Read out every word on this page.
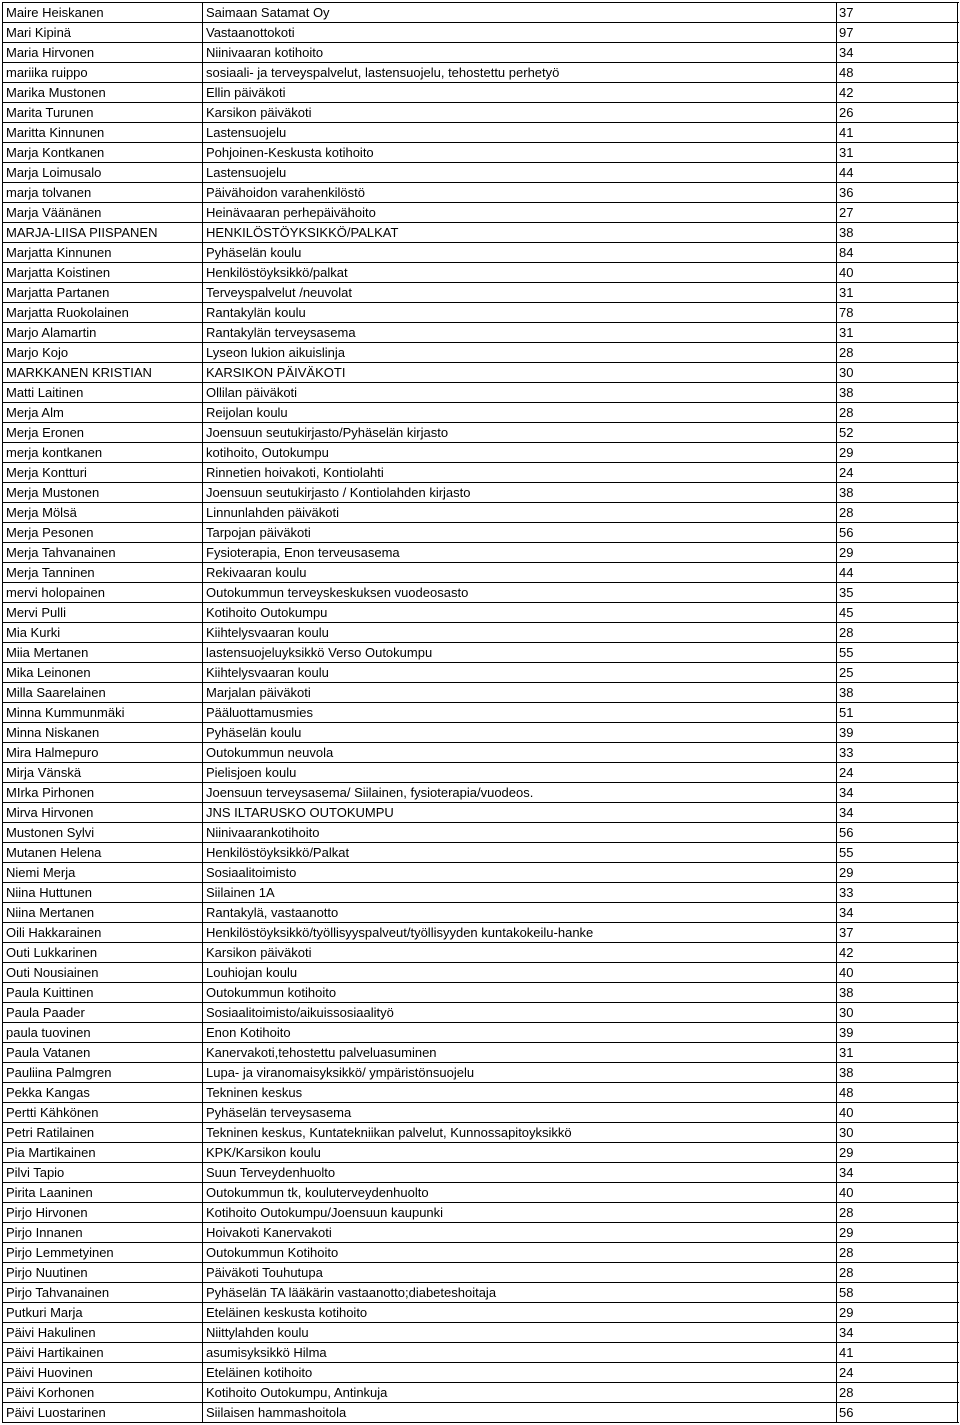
Maire Heiskanen	Saimaan Satamat Oy	37
Mari Kipinä	Vastaanottokoti	97
Maria Hirvonen	Niinivaaran kotihoito	34
mariika ruippo	sosiaali- ja terveyspalvelut, lastensuojelu, tehostettu perhetyö	48
Marika Mustonen	Ellin päiväkoti	42
Marita Turunen	Karsikon päiväkoti	26
Maritta Kinnunen	Lastensuojelu	41
Marja Kontkanen	Pohjoinen-Keskusta kotihoito	31
Marja Loimusalo	Lastensuojelu	44
marja tolvanen	Päivähoidon varahenkilöstö	36
Marja Väänänen	Heinävaaran perhepäivähoito	27
MARJA-LIISA PIISPANEN	HENKILÖSTÖYKSIKKÖ/PALKAT	38
Marjatta Kinnunen	Pyhäselän koulu	84
Marjatta Koistinen	Henkilöstöyksikkö/palkat	40
Marjatta Partanen	Terveyspalvelut /neuvolat	31
Marjatta Ruokolainen	Rantakylän koulu	78
Marjo Alamartin	Rantakylän terveysasema	31
Marjo Kojo	Lyseon lukion aikuislinja	28
MARKKANEN KRISTIAN	KARSIKON PÄIVÄKOTI	30
Matti Laitinen	Ollilan päiväkoti	38
Merja Alm	Reijolan koulu	28
Merja Eronen	Joensuun seutukirjasto/Pyhäselän kirjasto	52
merja kontkanen	kotihoito, Outokumpu	29
Merja Kontturi	Rinnetien hoivakoti, Kontiolahti	24
Merja Mustonen	Joensuun seutukirjasto / Kontiolahden kirjasto	38
Merja Mölsä	Linnunlahden päiväkoti	28
Merja Pesonen	Tarpojan päiväkoti	56
Merja Tahvanainen	Fysioterapia, Enon terveusasema	29
Merja Tanninen	Rekivaaran koulu	44
mervi holopainen	Outokummun terveyskeskuksen vuodeosasto	35
Mervi Pulli	Kotihoito Outokumpu	45
Mia Kurki	Kiihtelysvaaran koulu	28
Miia Mertanen	lastensuojeluyksikkö Verso Outokumpu	55
Mika Leinonen	Kiihtelysvaaran koulu	25
Milla Saarelainen	Marjalan päiväkoti	38
Minna Kummunmäki	Pääluottamusmies	51
Minna Niskanen	Pyhäselän koulu	39
Mira Halmepuro	Outokummun neuvola	33
Mirja Vänskä	Pielisjoen koulu	24
MIrka Pirhonen	Joensuun terveysasema/ Siilainen, fysioterapia/vuodeos.	34
Mirva Hirvonen	JNS ILTARUSKO OUTOKUMPU	34
Mustonen Sylvi	Niinivaarankotihoito	56
Mutanen Helena	Henkilöstöyksikkö/Palkat	55
Niemi Merja	Sosiaalitoimisto	29
Niina Huttunen	Siilainen 1A	33
Niina Mertanen	Rantakylä, vastaanotto	34
Oili Hakkarainen	Henkilöstöyksikkö/työllisyyspalveut/työllisyyden kuntakokeilu-hanke	37
Outi Lukkarinen	Karsikon päiväkoti	42
Outi Nousiainen	Louhiojan koulu	40
Paula Kuittinen	Outokummun kotihoito	38
Paula Paader	Sosiaalitoimisto/aikuissosiaalityö	30
paula tuovinen	Enon Kotihoito	39
Paula Vatanen	Kanervakoti,tehostettu palveluasuminen	31
Pauliina Palmgren	Lupa- ja viranomaisyksikkö/ ympäristönsuojelu	38
Pekka Kangas	Tekninen keskus	48
Pertti Kähkönen	Pyhäselän terveysasema	40
Petri Ratilainen	Tekninen keskus, Kuntatekniikan palvelut, Kunnossapitoyksikkö	30
Pia Martikainen	KPK/Karsikon koulu	29
Pilvi Tapio	Suun Terveydenhuolto	34
Pirita Laaninen	Outokummun tk, kouluterveydenhuolto	40
Pirjo Hirvonen	Kotihoito Outokumpu/Joensuun kaupunki	28
Pirjo Innanen	Hoivakoti Kanervakoti	29
Pirjo Lemmetyinen	Outokummun Kotihoito	28
Pirjo Nuutinen	Päiväkoti Touhutupa	28
Pirjo Tahvanainen	Pyhäselän TA lääkärin vastaanotto;diabeteshoitaja	58
Putkuri Marja	Eteläinen keskusta kotihoito	29
Päivi Hakulinen	Niittylahden koulu	34
Päivi Hartikainen	asumisyksikkö Hilma	41
Päivi Huovinen	Eteläinen kotihoito	24
Päivi Korhonen	Kotihoito Outokumpu, Antinkuja	28
Päivi Luostarinen	Siilaisen hammashoitola	56
